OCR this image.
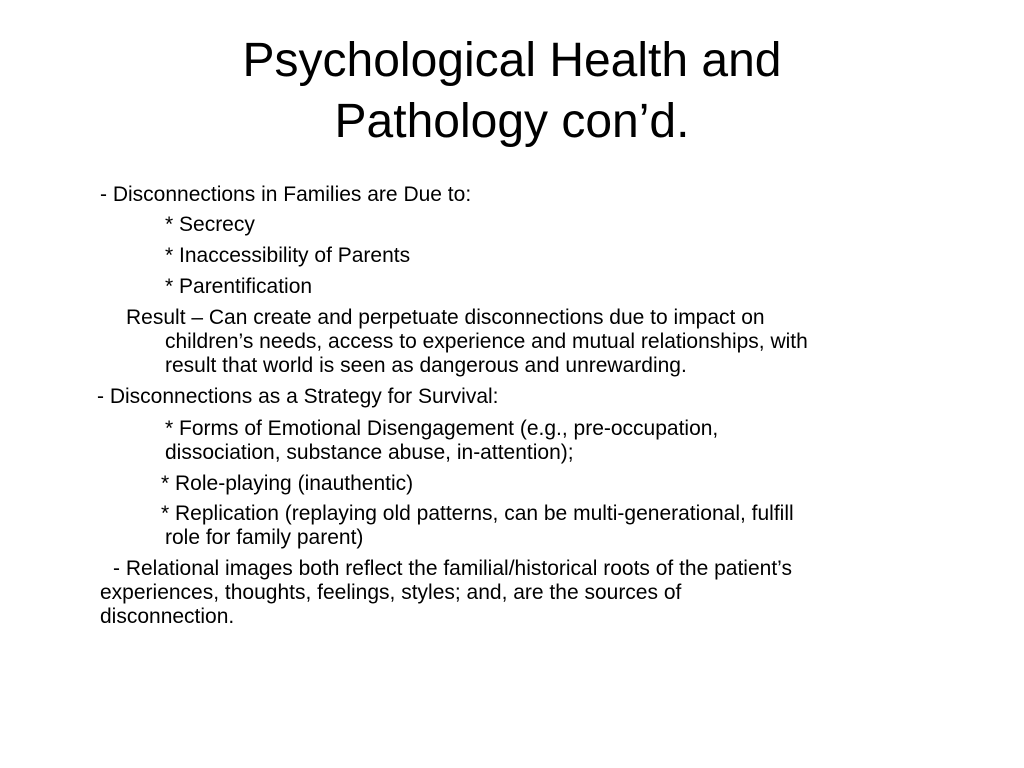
Psychological Health and
Pathology con’d.
- Disconnections in Families are Due to:
* Secrecy
* Inaccessibility of Parents
* Parentification
Result – Can create and perpetuate disconnections due to impact on
children’s needs, access to experience and mutual relationships, with
result that world is seen as dangerous and unrewarding.
- Disconnections as a Strategy for Survival:
* Forms of Emotional Disengagement (e.g., pre-occupation,
dissociation, substance abuse, in-attention);
* Role-playing (inauthentic)
* Replication (replaying old patterns, can be multi-generational, fulfill
role for family parent)
- Relational images both reflect the familial/historical roots of the patient’s
experiences, thoughts, feelings, styles; and, are the sources of
disconnection.
